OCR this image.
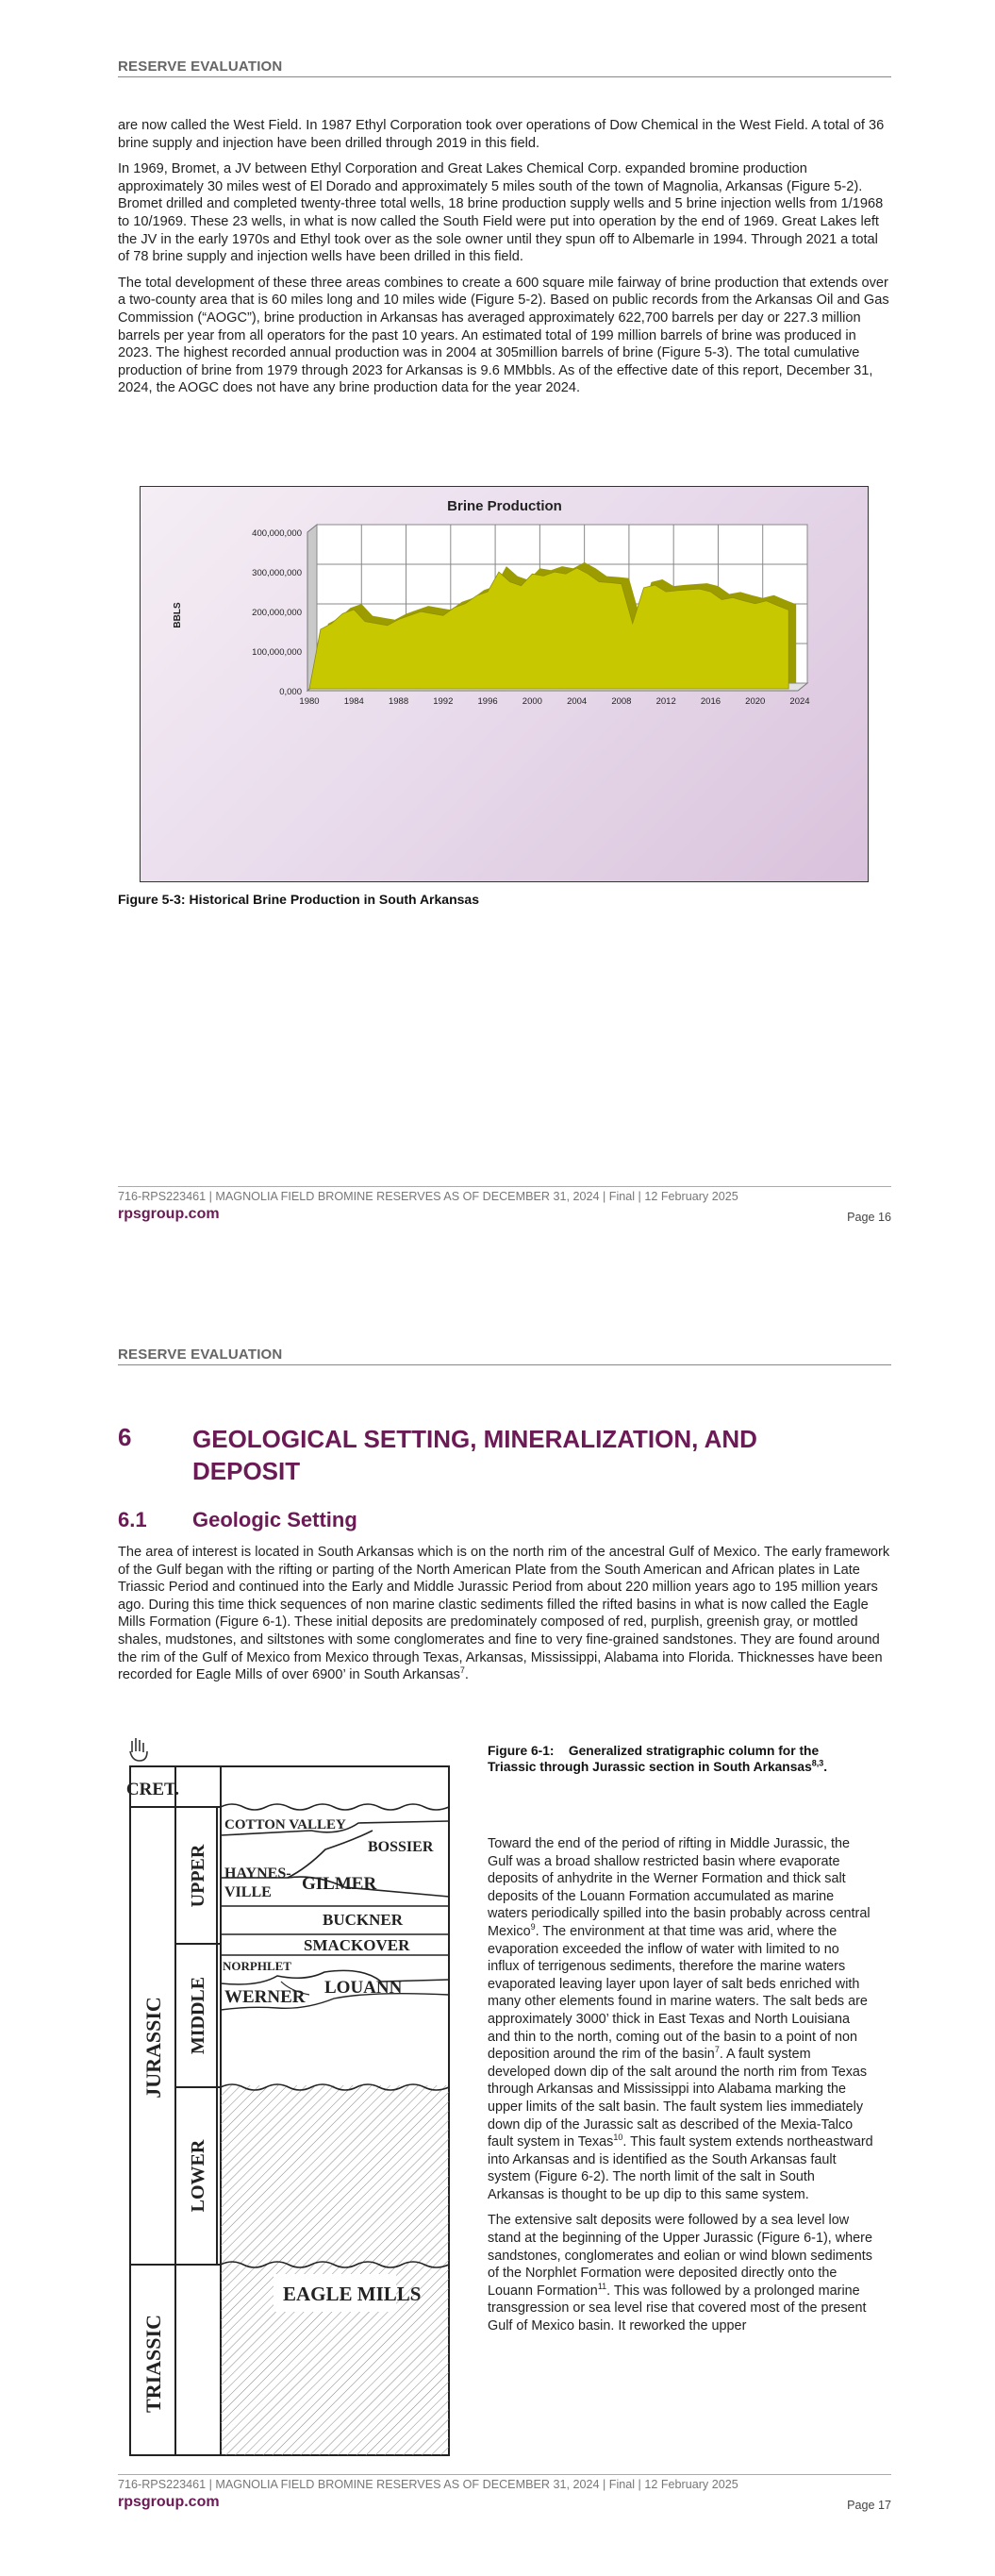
RESERVE EVALUATION

are now called the West Field. In 1987 Ethyl Corporation took over operations of Dow Chemical in the West Field. A total of 36 brine supply and injection have been drilled through 2019 in this field.

In 1969, Bromet, a JV between Ethyl Corporation and Great Lakes Chemical Corp. expanded bromine production approximately 30 miles west of El Dorado and approximately 5 miles south of the town of Magnolia, Arkansas (Figure 5-2). Bromet drilled and completed twenty-three total wells, 18 brine production supply wells and 5 brine injection wells from 1/1968 to 10/1969. These 23 wells, in what is now called the South Field were put into operation by the end of 1969. Great Lakes left the JV in the early 1970s and Ethyl took over as the sole owner until they spun off to Albemarle in 1994. Through 2021 a total of 78 brine supply and injection wells have been drilled in this field.

The total development of these three areas combines to create a 600 square mile fairway of brine production that extends over a two-county area that is 60 miles long and 10 miles wide (Figure 5-2). Based on public records from the Arkansas Oil and Gas Commission (“AOGC”), brine production in Arkansas has averaged approximately 622,700 barrels per day or 227.3 million barrels per year from all operators for the past 10 years. An estimated total of 199 million barrels of brine was produced in 2023. The highest recorded annual production was in 2004 at 305million barrels of brine (Figure 5-3). The total cumulative production of brine from 1979 through 2023 for Arkansas is 9.6 MMbbls. As of the effective date of this report, December 31, 2024, the AOGC does not have any brine production data for the year 2024.

Brine Production
0,000
100,000,000
200,000,000
300,000,000
400,000,000
1980	1984	1988	1992	1996	2000	2004	2008	2012	2016	2020	2024
BBLS
Figure 5-3: Historical Brine Production in South Arkansas
716-RPS223461 | MAGNOLIA FIELD BROMINE RESERVES AS OF DECEMBER 31, 2024 | Final | 12 February 2025
rpsgroup.com	Page 16
RESERVE EVALUATION
6 GEOLOGICAL SETTING, MINERALIZATION, AND DEPOSIT
6.1 Geologic Setting

The area of interest is located in South Arkansas which is on the north rim of the ancestral Gulf of Mexico. The early framework of the Gulf began with the rifting or parting of the North American Plate from the South American and African plates in Late Triassic Period and continued into the Early and Middle Jurassic Period from about 220 million years ago to 195 million years ago. During this time thick sequences of non marine clastic sediments filled the rifted basins in what is now called the Eagle Mills Formation (Figure 6-1). These initial deposits are predominately composed of red, purplish, greenish gray, or mottled shales, mudstones, and siltstones with some conglomerates and fine to very fine-grained sandstones. They are found around the rim of the Gulf of Mexico from Mexico through Texas, Arkansas, Mississippi, Alabama into Florida. Thicknesses have been recorded for Eagle Mills of over 6900’ in South Arkansas$^7$.

CRET.
JURASSIC
TRIASSIC
UPPER
MIDDLE
LOWER
COTTON VALLEY
BOSSIER
HAYNES-
VILLE GILMER
BUCKNER
SMACKOVER
NORPHLET
WERNER LOUANN
EAGLE MILLS
Figure 6-1: Generalized stratigraphic column for the Triassic through Jurassic section in South Arkansas$^{8,3}$.

Toward the end of the period of rifting in Middle Jurassic, the Gulf was a broad shallow restricted basin where evaporate deposits of anhydrite in the Werner Formation and thick salt deposits of the Louann Formation accumulated as marine waters periodically spilled into the basin probably across central Mexico$^9$. The environment at that time was arid, where the evaporation exceeded the inflow of water with limited to no influx of terrigenous sediments, therefore the marine waters evaporated leaving layer upon layer of salt beds enriched with many other elements found in marine waters. The salt beds are approximately 3000’ thick in East Texas and North Louisiana and thin to the north, coming out of the basin to a point of non deposition around the rim of the basin$^7$. A fault system developed down dip of the salt around the north rim from Texas through Arkansas and Mississippi into Alabama marking the upper limits of the salt basin. The fault system lies immediately down dip of the Jurassic salt as described of the Mexia-Talco fault system in Texas$^{10}$. This fault system extends northeastward into Arkansas and is identified as the South Arkansas fault system (Figure 6-2). The north limit of the salt in South Arkansas is thought to be up dip to this same system.

The extensive salt deposits were followed by a sea level low stand at the beginning of the Upper Jurassic (Figure 6-1), where sandstones, conglomerates and eolian or wind blown sediments of the Norphlet Formation were deposited directly onto the Louann Formation$^{11}$. This was followed by a prolonged marine transgression or sea level rise that covered most of the present Gulf of Mexico basin. It reworked the upper

716-RPS223461 | MAGNOLIA FIELD BROMINE RESERVES AS OF DECEMBER 31, 2024 | Final | 12 February 2025
rpsgroup.com	Page 17
